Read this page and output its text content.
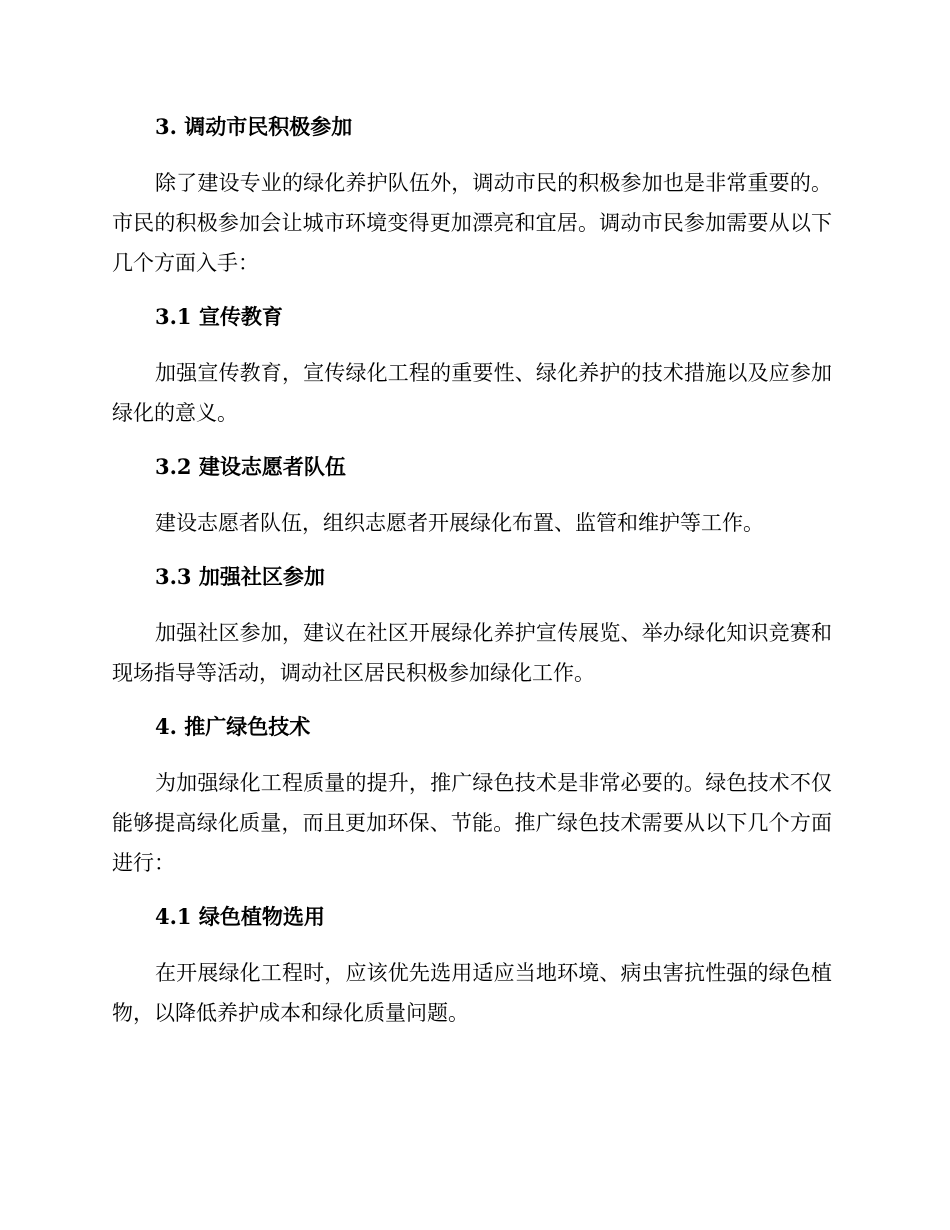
3. 调动市民积极参加

除了建设专业的绿化养护队伍外，调动市民的积极参加也是非常重要的。市民的积极参加会让城市环境变得更加漂亮和宜居。调动市民参加需要从以下几个方面入手：

3.1 宣传教育

加强宣传教育，宣传绿化工程的重要性、绿化养护的技术措施以及应参加绿化的意义。

3.2 建设志愿者队伍

建设志愿者队伍，组织志愿者开展绿化布置、监管和维护等工作。

3.3 加强社区参加

加强社区参加，建议在社区开展绿化养护宣传展览、举办绿化知识竞赛和现场指导等活动，调动社区居民积极参加绿化工作。

4. 推广绿色技术

为加强绿化工程质量的提升，推广绿色技术是非常必要的。绿色技术不仅能够提高绿化质量，而且更加环保、节能。推广绿色技术需要从以下几个方面进行：

4.1 绿色植物选用

在开展绿化工程时，应该优先选用适应当地环境、病虫害抗性强的绿色植物，以降低养护成本和绿化质量问题。
